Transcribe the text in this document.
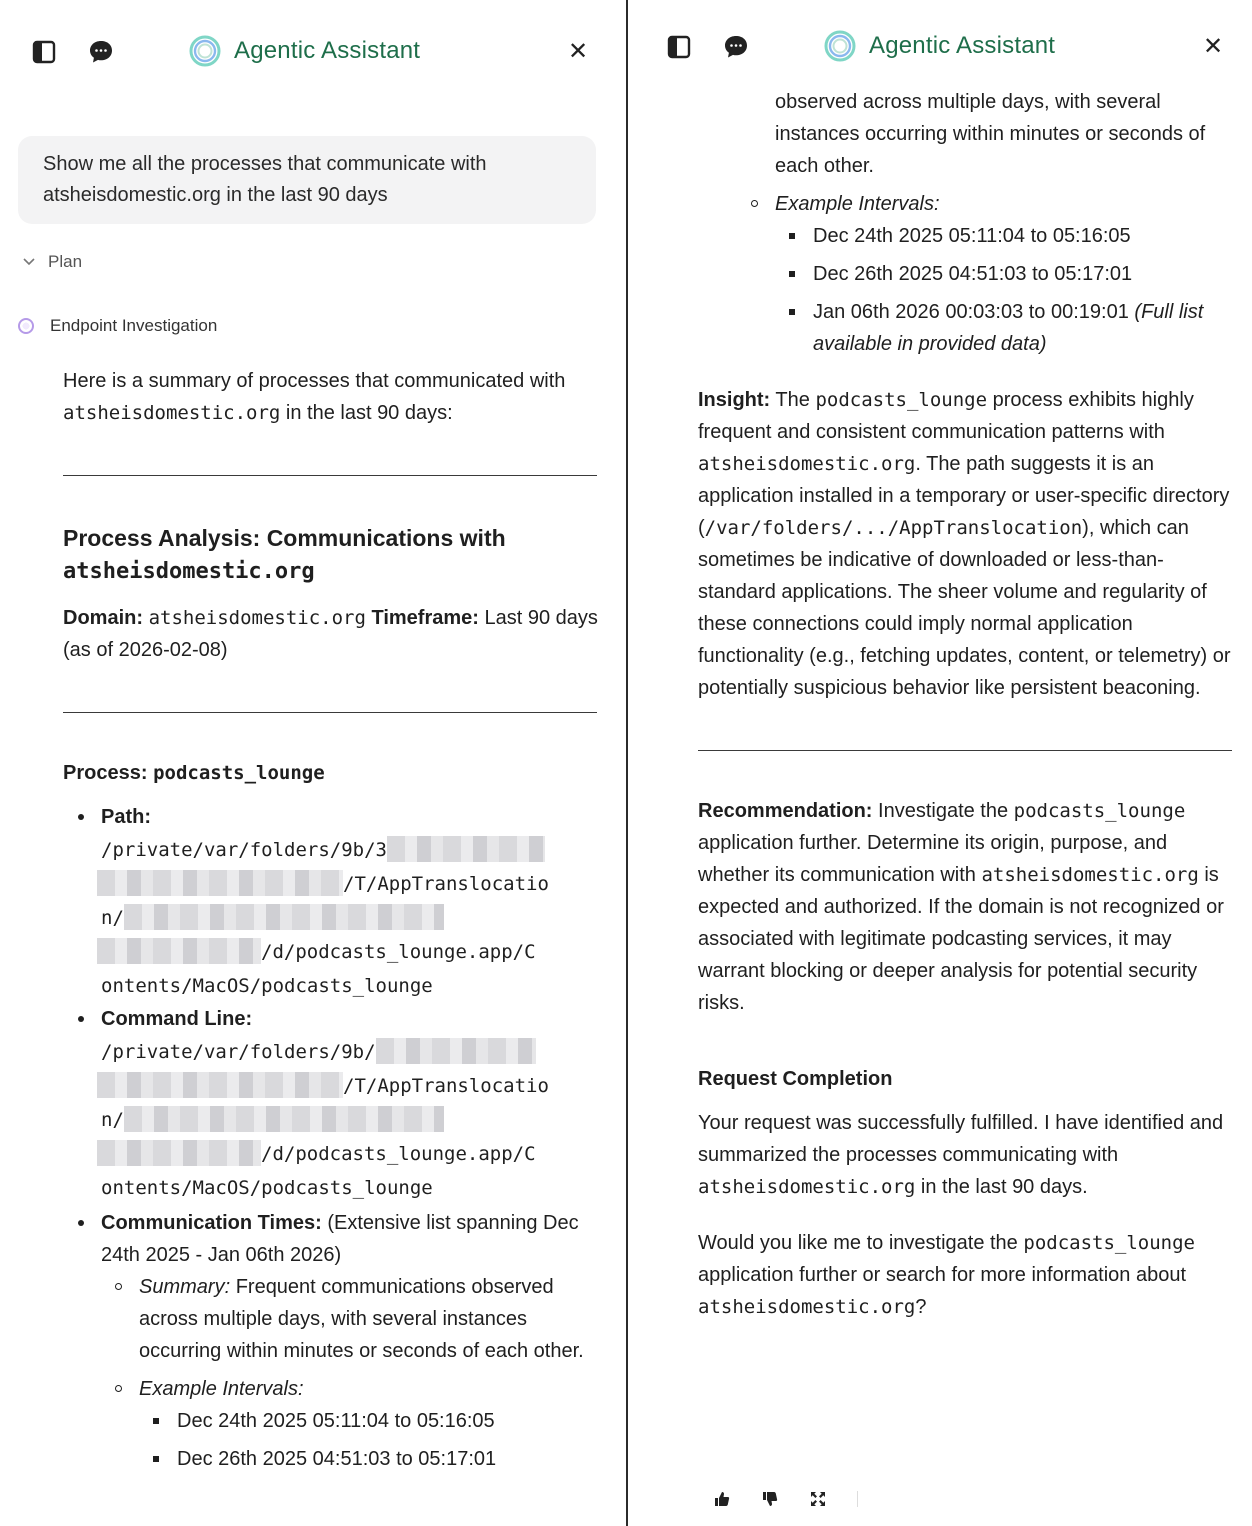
Agentic Assistant	✕
Show me all the processes that communicate with atsheisdomestic.org in the last 90 days
Plan
Endpoint Investigation

Here is a summary of processes that communicated with atsheisdomestic.org in the last 90 days:

Process Analysis: Communications with
atsheisdomestic.org

Domain: atsheisdomestic.org Timeframe: Last 90 days (as of 2026-02-08)

Process: podcasts_lounge

Path:
/private/var/folders/9b/3
/T/AppTranslocatio
n/
/d/podcasts_lounge.app/C
ontents/MacOS/podcasts_lounge
Command Line:
/private/var/folders/9b/
/T/AppTranslocatio
n/
/d/podcasts_lounge.app/C
ontents/MacOS/podcasts_lounge
Communication Times: (Extensive list spanning Dec 24th 2025 - Jan 06th 2026)
Summary: Frequent communications observed across multiple days, with several instances occurring within minutes or seconds of each other.
Example Intervals:
Dec 24th 2025 05:11:04 to 05:16:05
Dec 26th 2025 04:51:03 to 05:17:01
Agentic Assistant	✕
observed across multiple days, with several instances occurring within minutes or seconds of each other.
Example Intervals:
Dec 24th 2025 05:11:04 to 05:16:05
Dec 26th 2025 04:51:03 to 05:17:01
Jan 06th 2026 00:03:03 to 00:19:01 (Full list available in provided data)

Insight: The podcasts_lounge process exhibits highly frequent and consistent communication patterns with atsheisdomestic.org. The path suggests it is an application installed in a temporary or user-specific directory (/var/folders/.../AppTranslocation), which can sometimes be indicative of downloaded or less-than-standard applications. The sheer volume and regularity of these connections could imply normal application functionality (e.g., fetching updates, content, or telemetry) or potentially suspicious behavior like persistent beaconing.

Recommendation: Investigate the podcasts_lounge application further. Determine its origin, purpose, and whether its communication with atsheisdomestic.org is expected and authorized. If the domain is not recognized or associated with legitimate podcasting services, it may warrant blocking or deeper analysis for potential security risks.

Request Completion

Your request was successfully fulfilled. I have identified and summarized the processes communicating with atsheisdomestic.org in the last 90 days.

Would you like me to investigate the podcasts_lounge application further or search for more information about atsheisdomestic.org?
